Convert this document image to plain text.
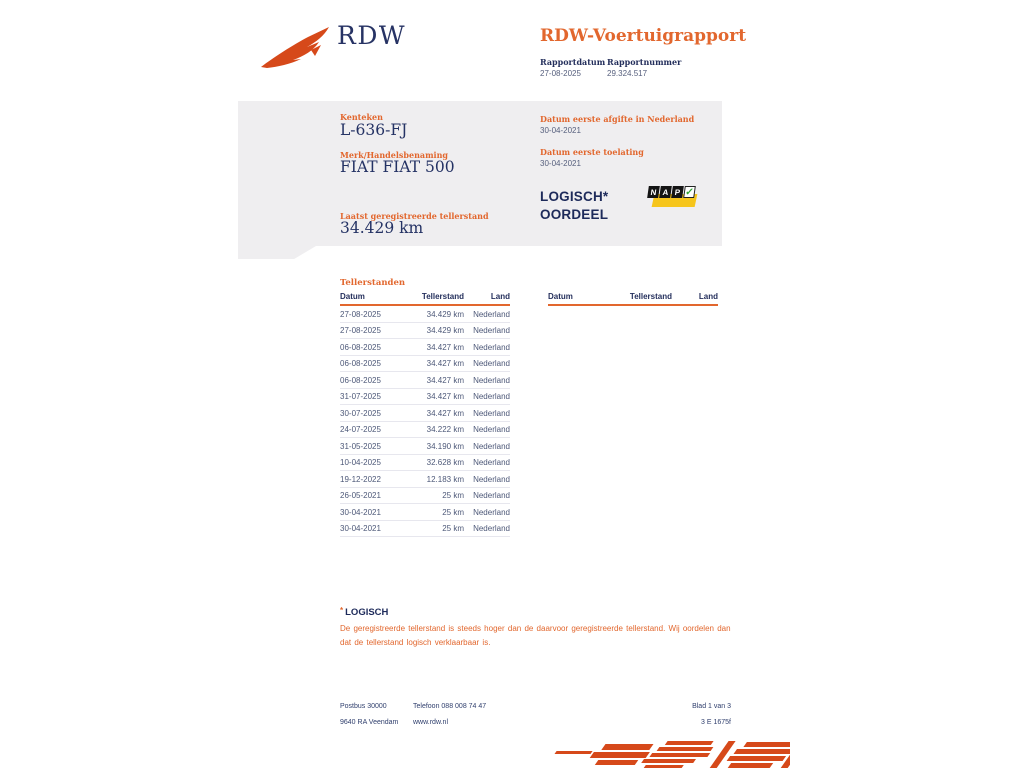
RDW	RDW-Voertuigrapport
Rapportdatum Rapportnummer
27-08-2025	29.324.517
Kenteken
L-636-FJ
Merk/Handelsbenaming
FIAT FIAT 500
Laatst geregistreerde tellerstand
34.429 km
Datum eerste afgifte in Nederland
30-04-2021
Datum eerste toelating
30-04-2021
LOGISCH*
OORDEEL
N A P ✓
Tellerstanden
Datum	Tellerstand	Land
27-08-2025	34.429 km	Nederland
27-08-2025	34.429 km	Nederland
06-08-2025	34.427 km	Nederland
06-08-2025	34.427 km	Nederland
06-08-2025	34.427 km	Nederland
31-07-2025	34.427 km	Nederland
30-07-2025	34.427 km	Nederland
24-07-2025	34.222 km	Nederland
31-05-2025	34.190 km	Nederland
10-04-2025	32.628 km	Nederland
19-12-2022	12.183 km	Nederland
26-05-2021	25 km	Nederland
30-04-2021	25 km	Nederland
30-04-2021	25 km	Nederland
Datum	Tellerstand	Land
* LOGISCH
De geregistreerde tellerstand is steeds hoger dan de daarvoor geregistreerde tellerstand. Wij oordelen dan dat de tellerstand logisch verklaarbaar is.
Postbus 30000
9640 RA Veendam
Telefoon 088 008 74 47
www.rdw.nl
Blad 1 van 3
3 E 1675f
